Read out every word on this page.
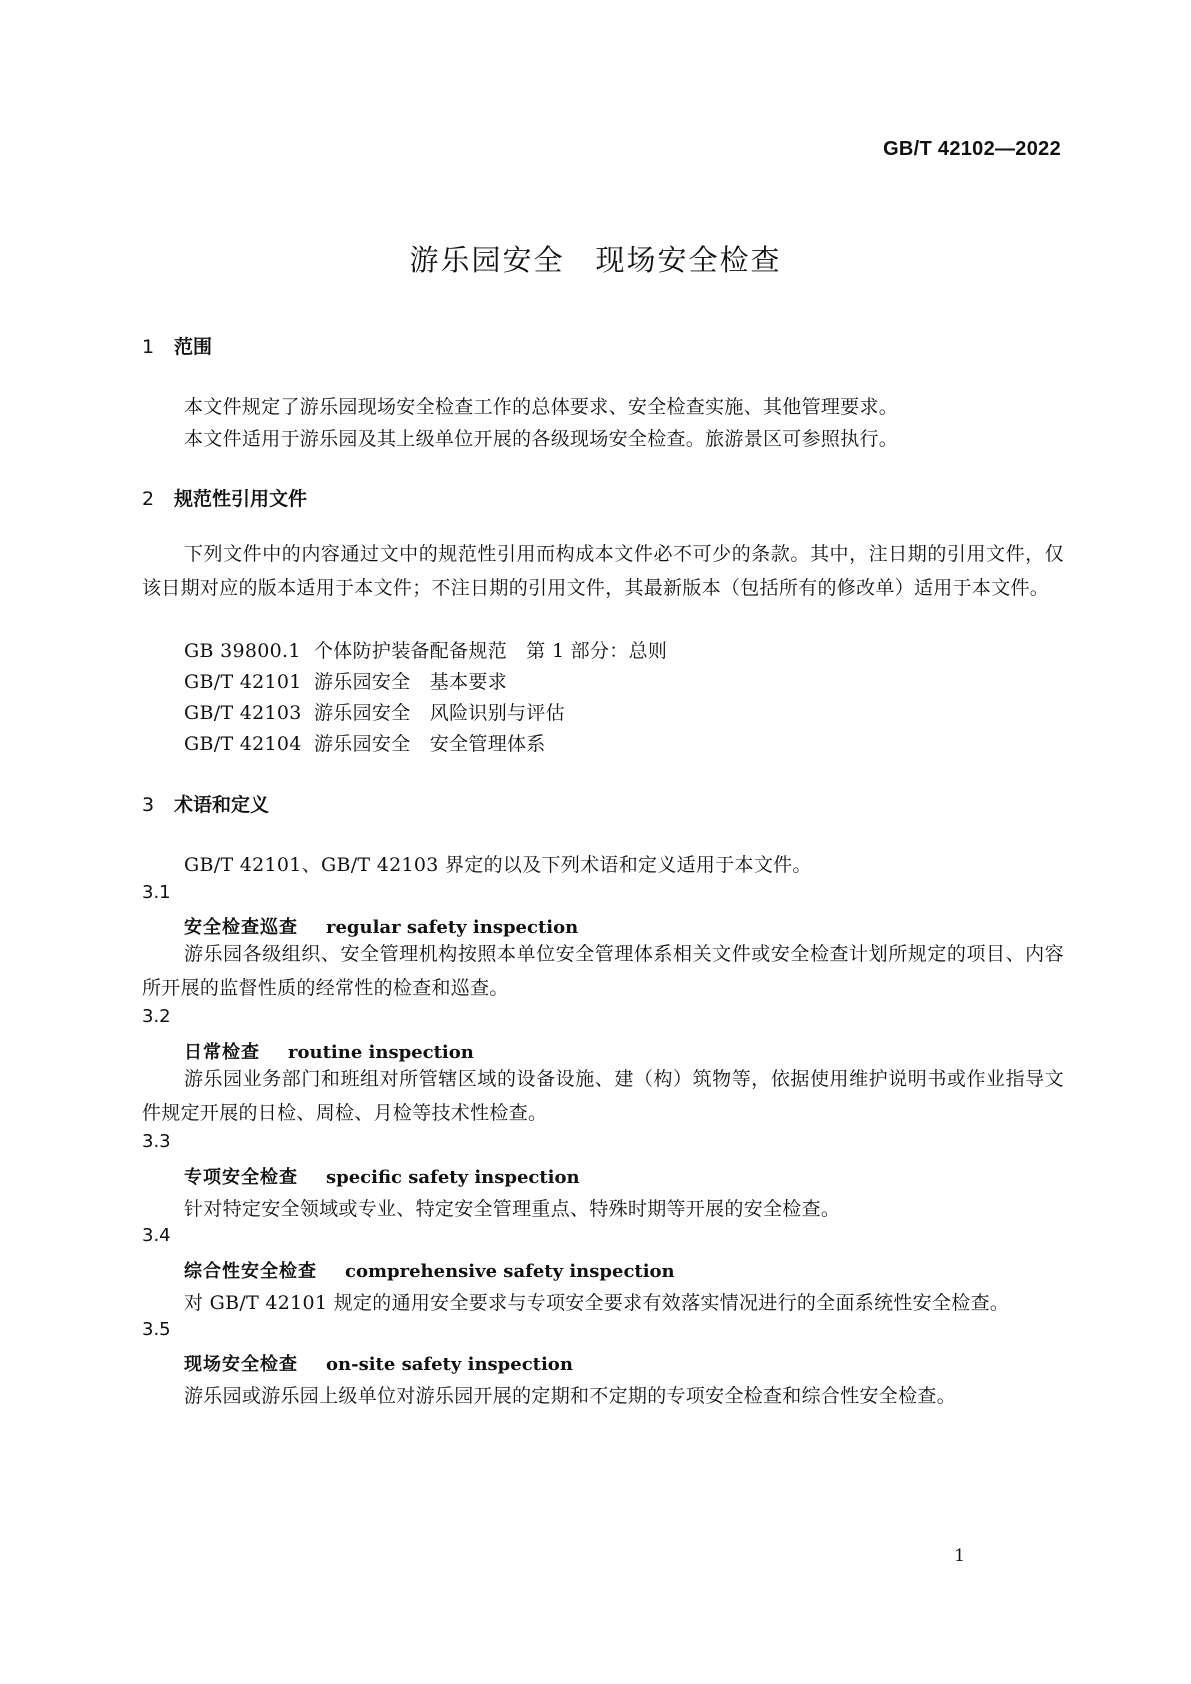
GB/T 42102—2022
游乐园安全　现场安全检查
1 范围
本文件规定了游乐园现场安全检查工作的总体要求、安全检查实施、其他管理要求。
本文件适用于游乐园及其上级单位开展的各级现场安全检查。旅游景区可参照执行。
2 规范性引用文件
下列文件中的内容通过文中的规范性引用而构成本文件必不可少的条款。其中，注日期的引用文件，仅该日期对应的版本适用于本文件；不注日期的引用文件，其最新版本（包括所有的修改单）适用于本文件。
GB 39800.1 个体防护装备配备规范　第 1 部分：总则
GB/T 42101 游乐园安全　基本要求
GB/T 42103 游乐园安全　风险识别与评估
GB/T 42104 游乐园安全　安全管理体系
3 术语和定义
GB/T 42101、GB/T 42103 界定的以及下列术语和定义适用于本文件。
3.1
安全检查巡查 regular safety inspection
游乐园各级组织、安全管理机构按照本单位安全管理体系相关文件或安全检查计划所规定的项目、内容所开展的监督性质的经常性的检查和巡查。
3.2
日常检查 routine inspection
游乐园业务部门和班组对所管辖区域的设备设施、建（构）筑物等，依据使用维护说明书或作业指导文件规定开展的日检、周检、月检等技术性检查。
3.3
专项安全检查 specific safety inspection
针对特定安全领域或专业、特定安全管理重点、特殊时期等开展的安全检查。
3.4
综合性安全检查 comprehensive safety inspection
对 GB/T 42101 规定的通用安全要求与专项安全要求有效落实情况进行的全面系统性安全检查。
3.5
现场安全检查 on-site safety inspection
游乐园或游乐园上级单位对游乐园开展的定期和不定期的专项安全检查和综合性安全检查。
1
